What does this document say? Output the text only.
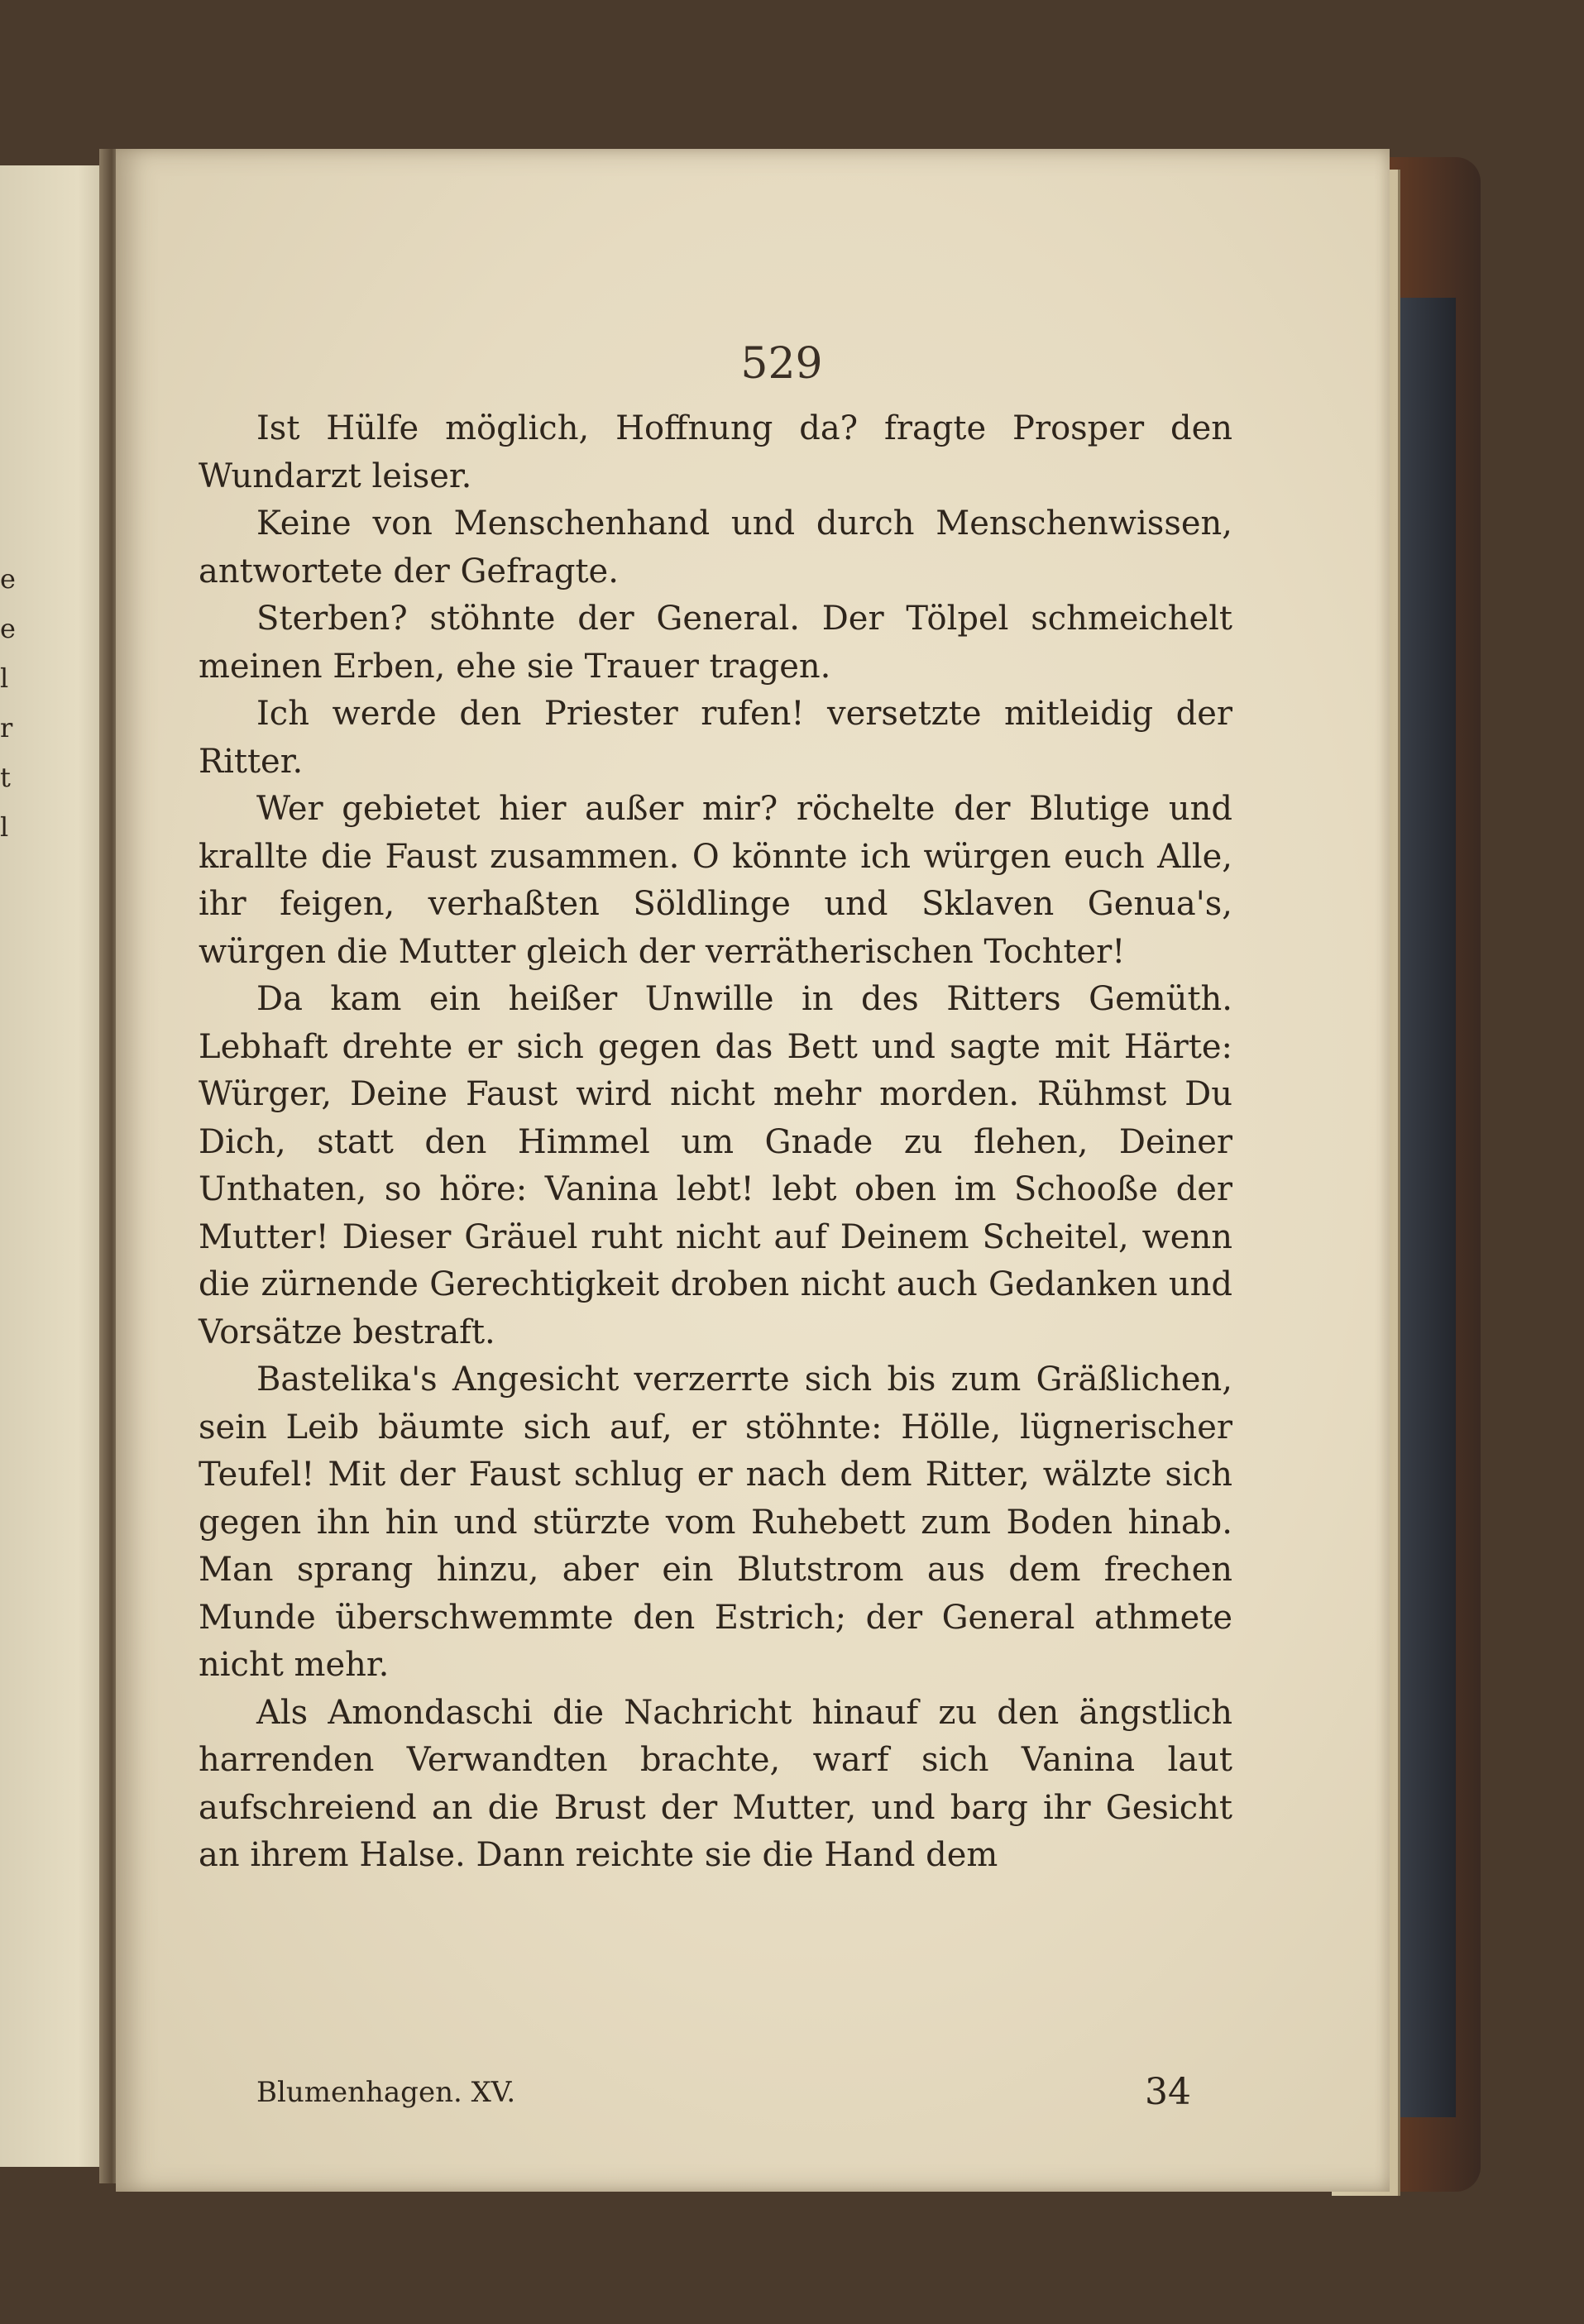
e
e
l
r
t
l
529

Ist Hülfe möglich, Hoffnung da? fragte Prosper den Wundarzt leiser.

Keine von Menschenhand und durch Menschenwissen, antwortete der Gefragte.

Sterben? stöhnte der General. Der Tölpel schmeichelt meinen Erben, ehe sie Trauer tragen.

Ich werde den Priester rufen! versetzte mitleidig der Ritter.

Wer gebietet hier außer mir? röchelte der Blutige und krallte die Faust zusammen. O könnte ich würgen euch Alle, ihr feigen, verhaßten Söldlinge und Sklaven Genua's, würgen die Mutter gleich der verrätherischen Tochter!

Da kam ein heißer Unwille in des Ritters Gemüth. Lebhaft drehte er sich gegen das Bett und sagte mit Härte: Würger, Deine Faust wird nicht mehr morden. Rühmst Du Dich, statt den Himmel um Gnade zu flehen, Deiner Unthaten, so höre: Vanina lebt! lebt oben im Schooße der Mutter! Dieser Gräuel ruht nicht auf Deinem Scheitel, wenn die zürnende Gerechtigkeit droben nicht auch Gedanken und Vorsätze bestraft.

Bastelika's Angesicht verzerrte sich bis zum Gräßlichen, sein Leib bäumte sich auf, er stöhnte: Hölle, lügnerischer Teufel! Mit der Faust schlug er nach dem Ritter, wälzte sich gegen ihn hin und stürzte vom Ruhebett zum Boden hinab. Man sprang hinzu, aber ein Blutstrom aus dem frechen Munde überschwemmte den Estrich; der General athmete nicht mehr.

Als Amondaschi die Nachricht hinauf zu den ängstlich harrenden Verwandten brachte, warf sich Vanina laut aufschreiend an die Brust der Mutter, und barg ihr Gesicht an ihrem Halse. Dann reichte sie die Hand dem

Blumenhagen. XV.	34
